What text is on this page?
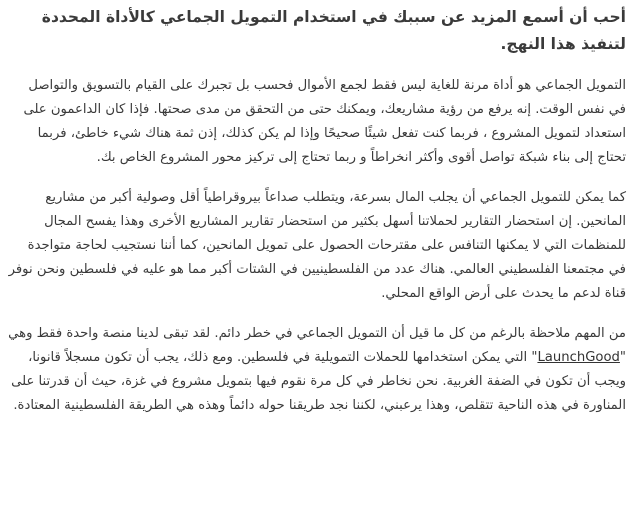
أحب أن أسمع المزيد عن سببك في استخدام التمويل الجماعي كالأداة المحددة لتنفيذ هذا النهج.

التمويل الجماعي هو أداة مرنة للغاية ليس فقط لجمع الأموال فحسب بل تجبرك على القيام بالتسويق والتواصل في نفس الوقت. إنه يرفع من رؤية مشاريعك، ويمكنك حتى من التحقق من مدى صحتها. فإذا كان الداعمون على استعداد لتمويل المشروع ، فربما كنت تفعل شيئًا صحيحًا وإذا لم يكن كذلك، إذن ثمة هناك شيء خاطئ، فربما تحتاج إلى بناء شبكة تواصل أقوى وأكثر انخراطاً و ربما تحتاج إلى تركيز محور المشروع الخاص بك.

كما يمكن للتمويل الجماعي أن يجلب المال بسرعة، ويتطلب صداعاً بيروقراطياً أقل وصولية أكبر من مشاريع المانحين. إن استحضار التقارير لحملاتنا أسهل بكثير من استحضار تقارير المشاريع الأخرى وهذا يفسح المجال للمنظمات التي لا يمكنها التنافس على مقترحات الحصول على تمويل المانحين، كما أننا نستجيب لحاجة متواجدة في مجتمعنا الفلسطيني العالمي. هناك عدد من الفلسطينيين في الشتات أكبر مما هو عليه في فلسطين ونحن نوفر قناة لدعم ما يحدث على أرض الواقع المحلي.

من المهم ملاحظة بالرغم من كل ما قيل أن التمويل الجماعي في خطر دائم. لقد تبقى لدينا منصة واحدة فقط وهي "LaunchGood" التي يمكن استخدامها للحملات التمويلية في فلسطين. ومع ذلك، يجب أن تكون مسجلاً قانونا، ويجب أن تكون في الضفة الغربية. نحن نخاطر في كل مرة نقوم فيها بتمويل مشروع في غزة، حيث أن قدرتنا على المناورة في هذه الناحية تتقلص، وهذا يرعبني، لكننا نجد طريقنا حوله دائماً وهذه هي الطريقة الفلسطينية المعتادة.
